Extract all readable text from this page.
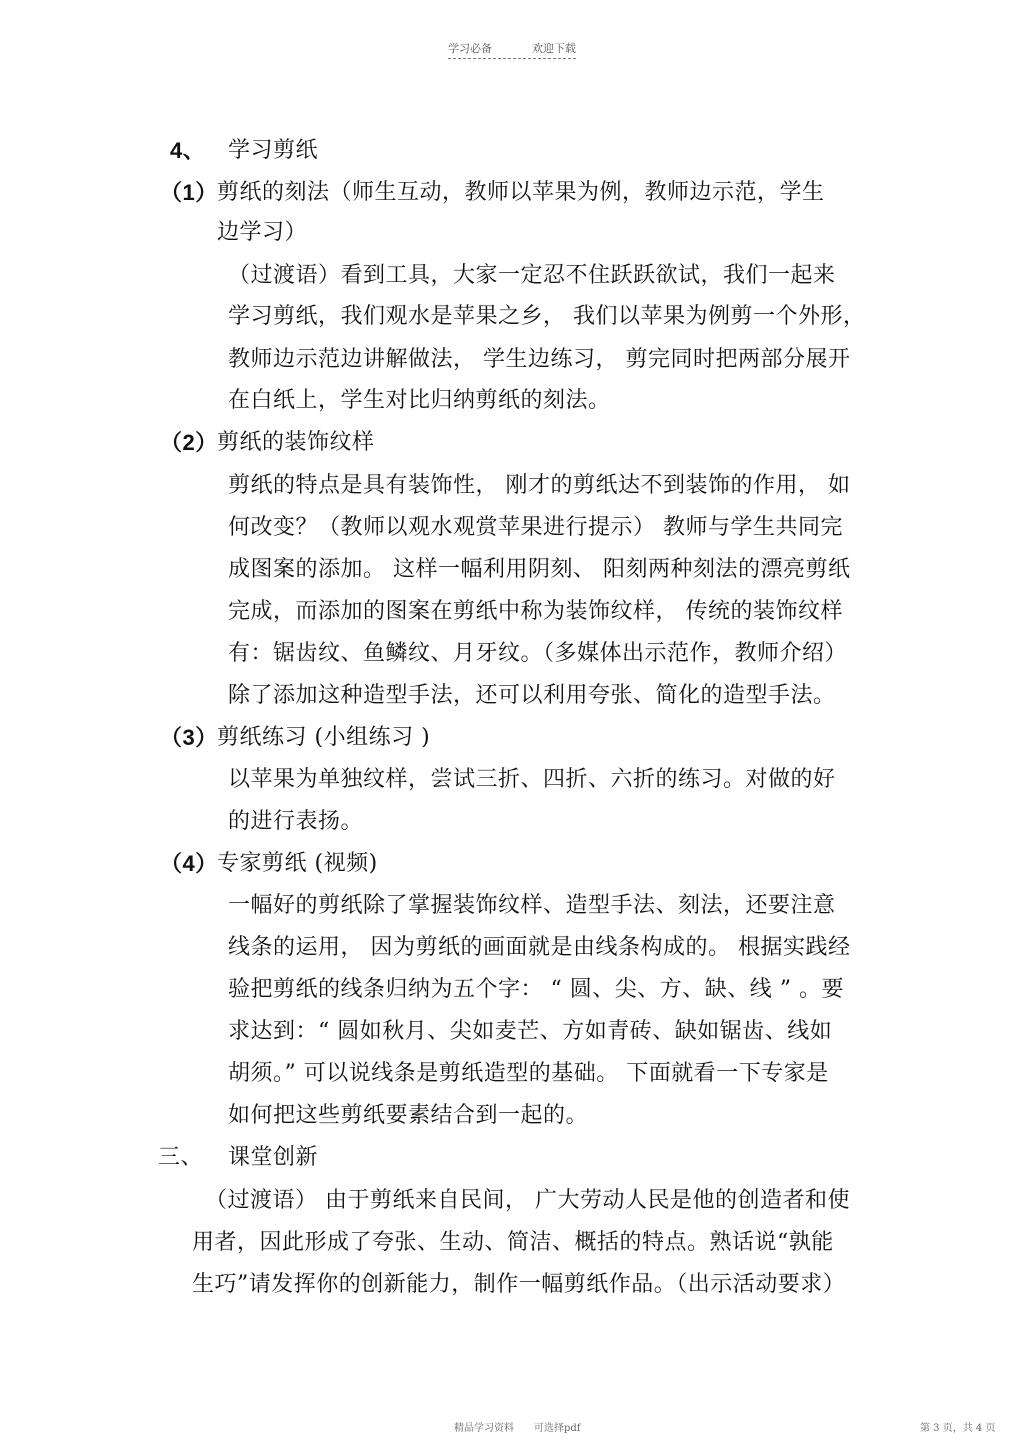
学习必备	欢迎下载
4、 学习剪纸
（1） 剪纸的刻法（师生互动，教师以苹果为例，教师边示范，学生
边学习）
（过渡语）看到工具，大家一定忍不住跃跃欲试，我们一起来
学习剪纸，我们观水是苹果之乡， 我们以苹果为例剪一个外形，
教师边示范边讲解做法， 学生边练习， 剪完同时把两部分展开
在白纸上，学生对比归纳剪纸的刻法。
（2） 剪纸的装饰纹样
剪纸的特点是具有装饰性， 刚才的剪纸达不到装饰的作用， 如
何改变？（教师以观水观赏苹果进行提示） 教师与学生共同完
成图案的添加。 这样一幅利用阴刻、 阳刻两种刻法的漂亮剪纸
完成，而添加的图案在剪纸中称为装饰纹样， 传统的装饰纹样
有：锯齿纹、鱼鳞纹、月牙纹。（多媒体出示范作，教师介绍）
除了添加这种造型手法，还可以利用夸张、简化的造型手法。
（3） 剪纸练习 (小组练习 )
以苹果为单独纹样，尝试三折、四折、六折的练习。对做的好
的进行表扬。
（4） 专家剪纸 (视频)
一幅好的剪纸除了掌握装饰纹样、造型手法、刻法，还要注意
线条的运用， 因为剪纸的画面就是由线条构成的。 根据实践经
验把剪纸的线条归纳为五个字： “ 圆、尖、方、缺、线 ” 。要
求达到：“ 圆如秋月、尖如麦芒、方如青砖、缺如锯齿、线如
胡须。” 可以说线条是剪纸造型的基础。 下面就看一下专家是
如何把这些剪纸要素结合到一起的。
三、 课堂创新
（过渡语） 由于剪纸来自民间， 广大劳动人民是他的创造者和使
用者，因此形成了夸张、生动、简洁、概括的特点。熟话说“孰能
生巧”请发挥你的创新能力，制作一幅剪纸作品。（出示活动要求）
精品学习资料　　可选择pdf	第 3 页，共 4 页
